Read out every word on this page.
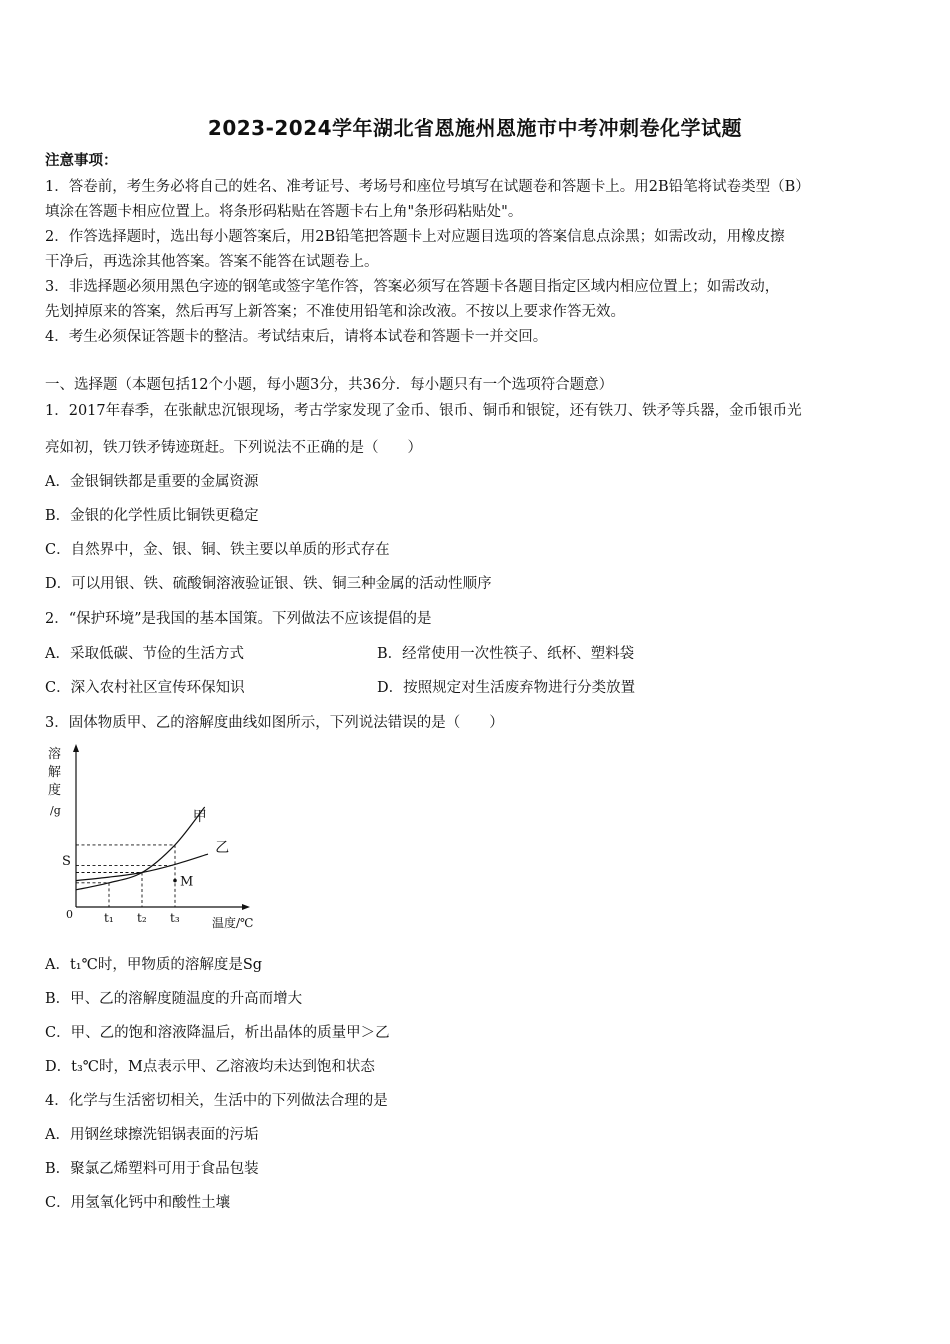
2023-2024学年湖北省恩施州恩施市中考冲刺卷化学试题
注意事项：
1．答卷前，考生务必将自己的姓名、准考证号、考场号和座位号填写在试题卷和答题卡上。用2B铅笔将试卷类型（B）
填涂在答题卡相应位置上。将条形码粘贴在答题卡右上角"条形码粘贴处"。
2．作答选择题时，选出每小题答案后，用2B铅笔把答题卡上对应题目选项的答案信息点涂黑；如需改动，用橡皮擦
干净后，再选涂其他答案。答案不能答在试题卷上。
3．非选择题必须用黑色字迹的钢笔或签字笔作答，答案必须写在答题卡各题目指定区域内相应位置上；如需改动，
先划掉原来的答案，然后再写上新答案；不准使用铅笔和涂改液。不按以上要求作答无效。
4．考生必须保证答题卡的整洁。考试结束后，请将本试卷和答题卡一并交回。
一、选择题（本题包括12个小题，每小题3分，共36分．每小题只有一个选项符合题意）
1．2017年春季，在张献忠沉银现场，考古学家发现了金币、银币、铜币和银锭，还有铁刀、铁矛等兵器，金币银币光
亮如初，铁刀铁矛铸迹斑赶。下列说法不正确的是（　　）
A．金银铜铁都是重要的金属资源
B．金银的化学性质比铜铁更稳定
C．自然界中，金、银、铜、铁主要以单质的形式存在
D．可以用银、铁、硫酸铜溶液验证银、铁、铜三种金属的活动性顺序
2．“保护环境”是我国的基本国策。下列做法不应该提倡的是
A．采取低碳、节俭的生活方式	B．经常使用一次性筷子、纸杯、塑料袋
C．深入农村社区宣传环保知识	D．按照规定对生活废弃物进行分类放置
3．固体物质甲、乙的溶解度曲线如图所示，下列说法错误的是（　　）
溶
解
度
/g
0
S
温度/℃
M
甲
乙
t₁ t₂ t₃
A．t₁℃时，甲物质的溶解度是Sg
B．甲、乙的溶解度随温度的升高而增大
C．甲、乙的饱和溶液降温后，析出晶体的质量甲＞乙
D．t₃℃时，M点表示甲、乙溶液均未达到饱和状态
4．化学与生活密切相关，生活中的下列做法合理的是
A．用钢丝球擦洗铝锅表面的污垢
B．聚氯乙烯塑料可用于食品包装
C．用氢氧化钙中和酸性土壤
